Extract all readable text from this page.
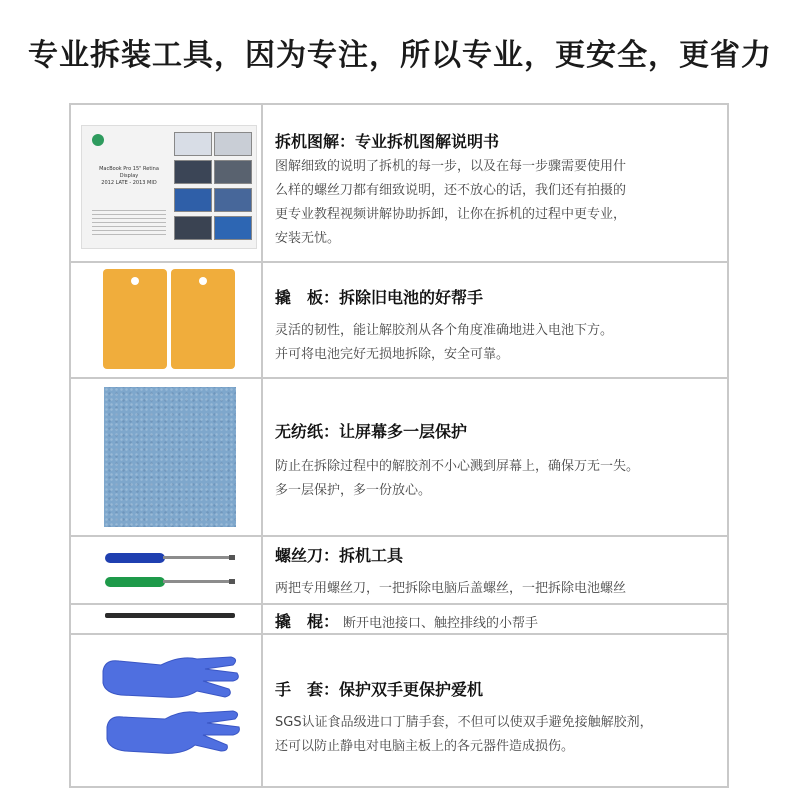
专业拆装工具，因为专注，所以专业，更安全，更省力
MacBook Pro 15" Retina Display
2012 LATE - 2013 MID
拆机图解：专业拆机图解说明书

图解细致的说明了拆机的每一步，以及在每一步骤需要使用什

么样的螺丝刀都有细致说明，还不放心的话，我们还有拍摄的

更专业教程视频讲解协助拆卸，让你在拆机的过程中更专业，

安装无忧。

撬　板：拆除旧电池的好帮手

灵活的韧性，能让解胶剂从各个角度准确地进入电池下方。

并可将电池完好无损地拆除，安全可靠。

无纺纸：让屏幕多一层保护

防止在拆除过程中的解胶剂不小心溅到屏幕上，确保万无一失。

多一层保护，多一份放心。

螺丝刀：拆机工具

两把专用螺丝刀，一把拆除电脑后盖螺丝，一把拆除电池螺丝

撬　棍： 断开电池接口、触控排线的小帮手
手　套：保护双手更保护爱机

SGS认证食品级进口丁腈手套，不但可以使双手避免接触解胶剂，

还可以防止静电对电脑主板上的各元器件造成损伤。
